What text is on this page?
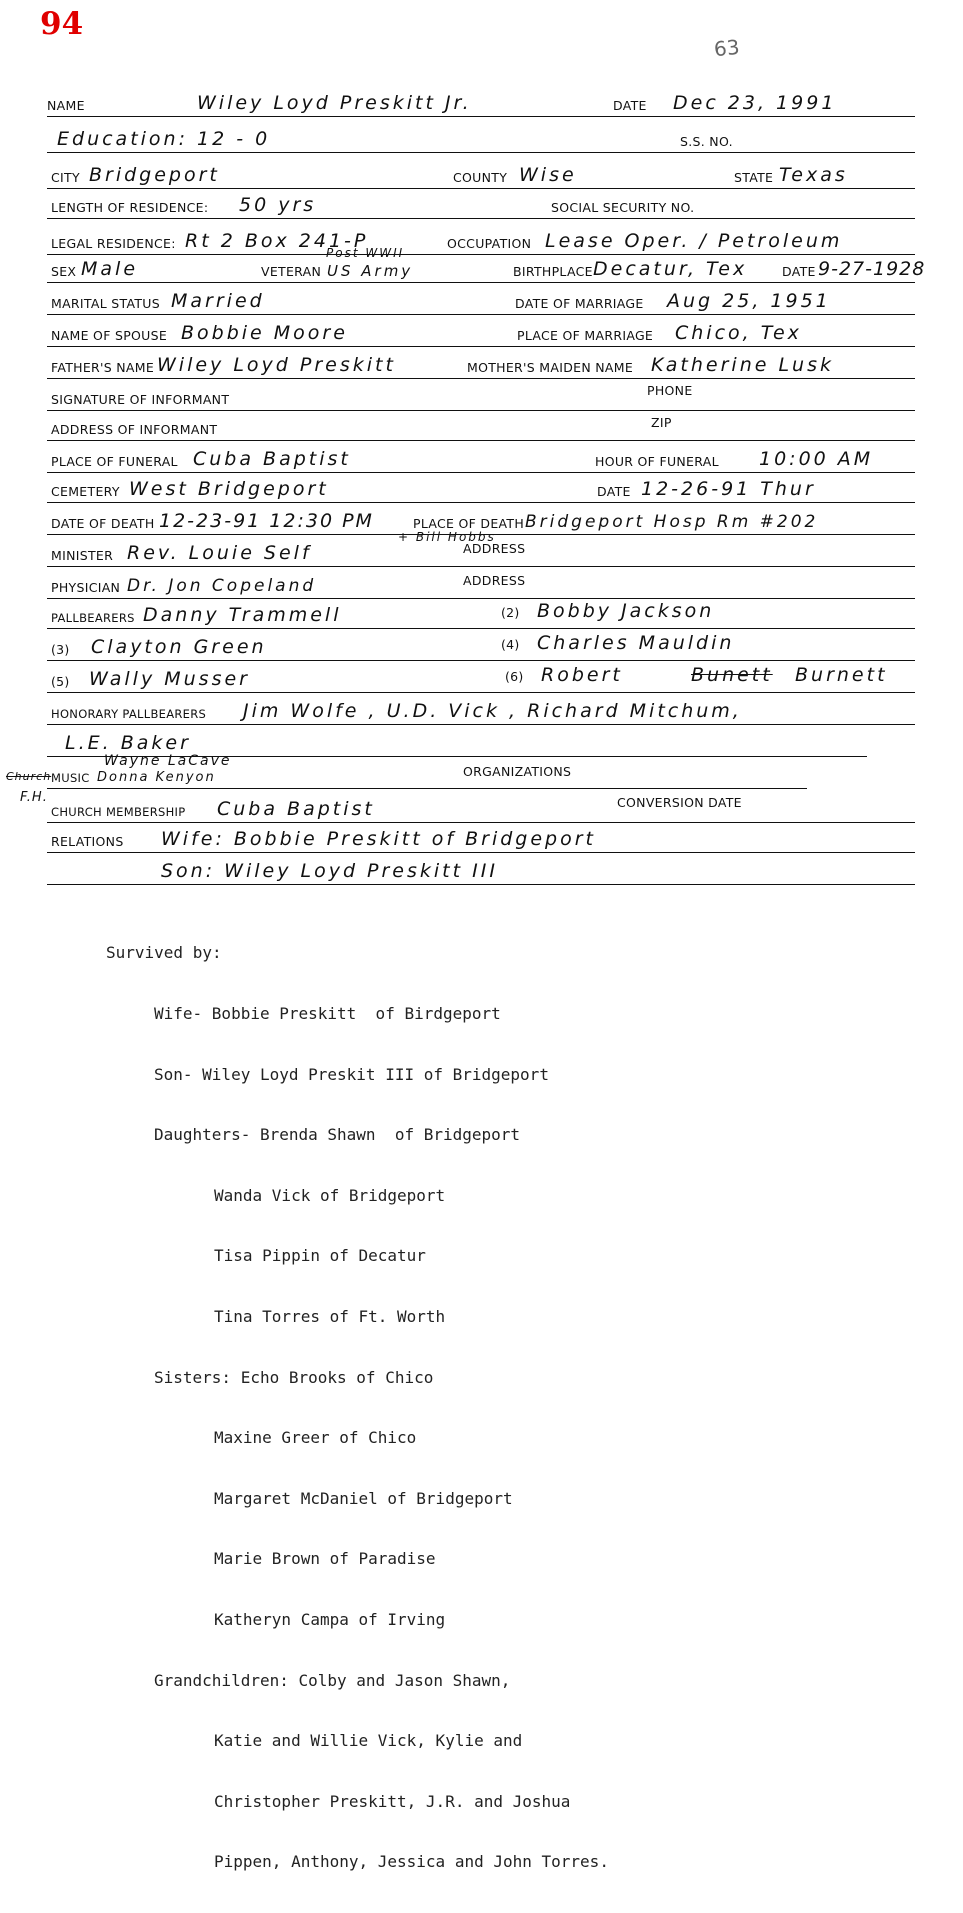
94
63
NAME	Wiley Loyd Preskitt Jr.	DATE Dec 23, 1991
Education: 12 - 0	S.S. NO.
CITY Bridgeport	COUNTY Wise	STATE Texas
LENGTH OF RESIDENCE: 50 yrs	SOCIAL SECURITY NO.
LEGAL RESIDENCE: Rt 2 Box 241-P	OCCUPATION Lease Oper. / Petroleum
Post WWII
SEX Male	VETERAN US Army	BIRTHPLACE Decatur, Tex	DATE 9-27-1928
MARITAL STATUS Married	DATE OF MARRIAGE Aug 25, 1951
NAME OF SPOUSE Bobbie Moore	PLACE OF MARRIAGE Chico, Tex
FATHER'S NAME Wiley Loyd Preskitt	MOTHER'S MAIDEN NAME Katherine Lusk
SIGNATURE OF INFORMANT
PHONE
ADDRESS OF INFORMANT	ZIP
PLACE OF FUNERAL Cuba Baptist	HOUR OF FUNERAL 10:00 AM
CEMETERY West Bridgeport	DATE 12-26-91 Thur
DATE OF DEATH 12-23-91 12:30 PM	PLACE OF DEATH Bridgeport Hosp Rm #202
+ Bill Hobbs
MINISTER Rev. Louie Self	ADDRESS
PHYSICIAN Dr. Jon Copeland	ADDRESS
PALLBEARERS Danny Trammell	(2) Bobby Jackson
(3) Clayton Green	(4) Charles Mauldin
(5) Wally Musser	(6) Robert	Bunett Burnett
HONORARY PALLBEARERS Jim Wolfe , U.D. Vick , Richard Mitchum,
L.E. Baker
Church
Wayne LaCave
F.H.
MUSIC Donna Kenyon	ORGANIZATIONS
CHURCH MEMBERSHIP Cuba Baptist	CONVERSION DATE
RELATIONS Wife: Bobbie Preskitt of Bridgeport
Son: Wiley Loyd Preskitt III

Survived by:

Wife- Bobbie Preskitt  of Birdgeport

Son- Wiley Loyd Preskit III of Bridgeport

Daughters- Brenda Shawn  of Bridgeport

Wanda Vick of Bridgeport

Tisa Pippin of Decatur

Tina Torres of Ft. Worth

Sisters: Echo Brooks of Chico

Maxine Greer of Chico

Margaret McDaniel of Bridgeport

Marie Brown of Paradise

Katheryn Campa of Irving

Grandchildren: Colby and Jason Shawn,

Katie and Willie Vick, Kylie and

Christopher Preskitt, J.R. and Joshua

Pippen, Anthony, Jessica and John Torres.
